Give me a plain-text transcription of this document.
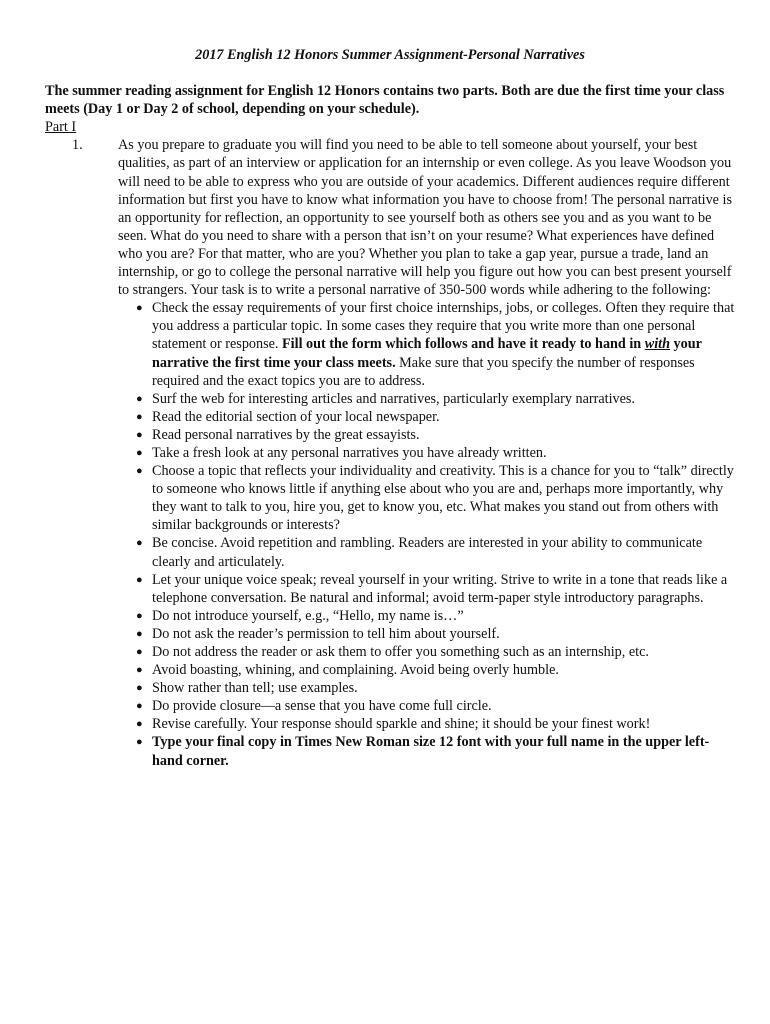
2017 English 12 Honors Summer Assignment-Personal Narratives

The summer reading assignment for English 12 Honors contains two parts. Both are due the first time your class meets (Day 1 or Day 2 of school, depending on your schedule).

Part I

1.	As you prepare to graduate you will find you need to be able to tell someone about yourself, your best qualities, as part of an interview or application for an internship or even college. As you leave Woodson you will need to be able to express who you are outside of your academics. Different audiences require different information but first you have to know what information you have to choose from! The personal narrative is an opportunity for reflection, an opportunity to see yourself both as others see you and as you want to be seen. What do you need to share with a person that isn’t on your resume? What experiences have defined who you are? For that matter, who are you? Whether you plan to take a gap year, pursue a trade, land an internship, or go to college the personal narrative will help you figure out how you can best present yourself to strangers. Your task is to write a personal narrative of 350-500 words while adhering to the following:

● Check the essay requirements of your first choice internships, jobs, or colleges. Often they require that you address a particular topic. In some cases they require that you write more than one personal statement or response. Fill out the form which follows and have it ready to hand in with your narrative the first time your class meets. Make sure that you specify the number of responses required and the exact topics you are to address.
● Surf the web for interesting articles and narratives, particularly exemplary narratives.
● Read the editorial section of your local newspaper.
● Read personal narratives by the great essayists.
● Take a fresh look at any personal narratives you have already written.
● Choose a topic that reflects your individuality and creativity. This is a chance for you to “talk” directly to someone who knows little if anything else about who you are and, perhaps more importantly, why they want to talk to you, hire you, get to know you, etc. What makes you stand out from others with similar backgrounds or interests?
● Be concise. Avoid repetition and rambling. Readers are interested in your ability to communicate clearly and articulately.
● Let your unique voice speak; reveal yourself in your writing. Strive to write in a tone that reads like a telephone conversation. Be natural and informal; avoid term-paper style introductory paragraphs.
● Do not introduce yourself, e.g., “Hello, my name is…”
● Do not ask the reader’s permission to tell him about yourself.
● Do not address the reader or ask them to offer you something such as an internship, etc.
● Avoid boasting, whining, and complaining. Avoid being overly humble.
● Show rather than tell; use examples.
● Do provide closure—a sense that you have come full circle.
● Revise carefully. Your response should sparkle and shine; it should be your finest work!
● Type your final copy in Times New Roman size 12 font with your full name in the upper left-hand corner.
